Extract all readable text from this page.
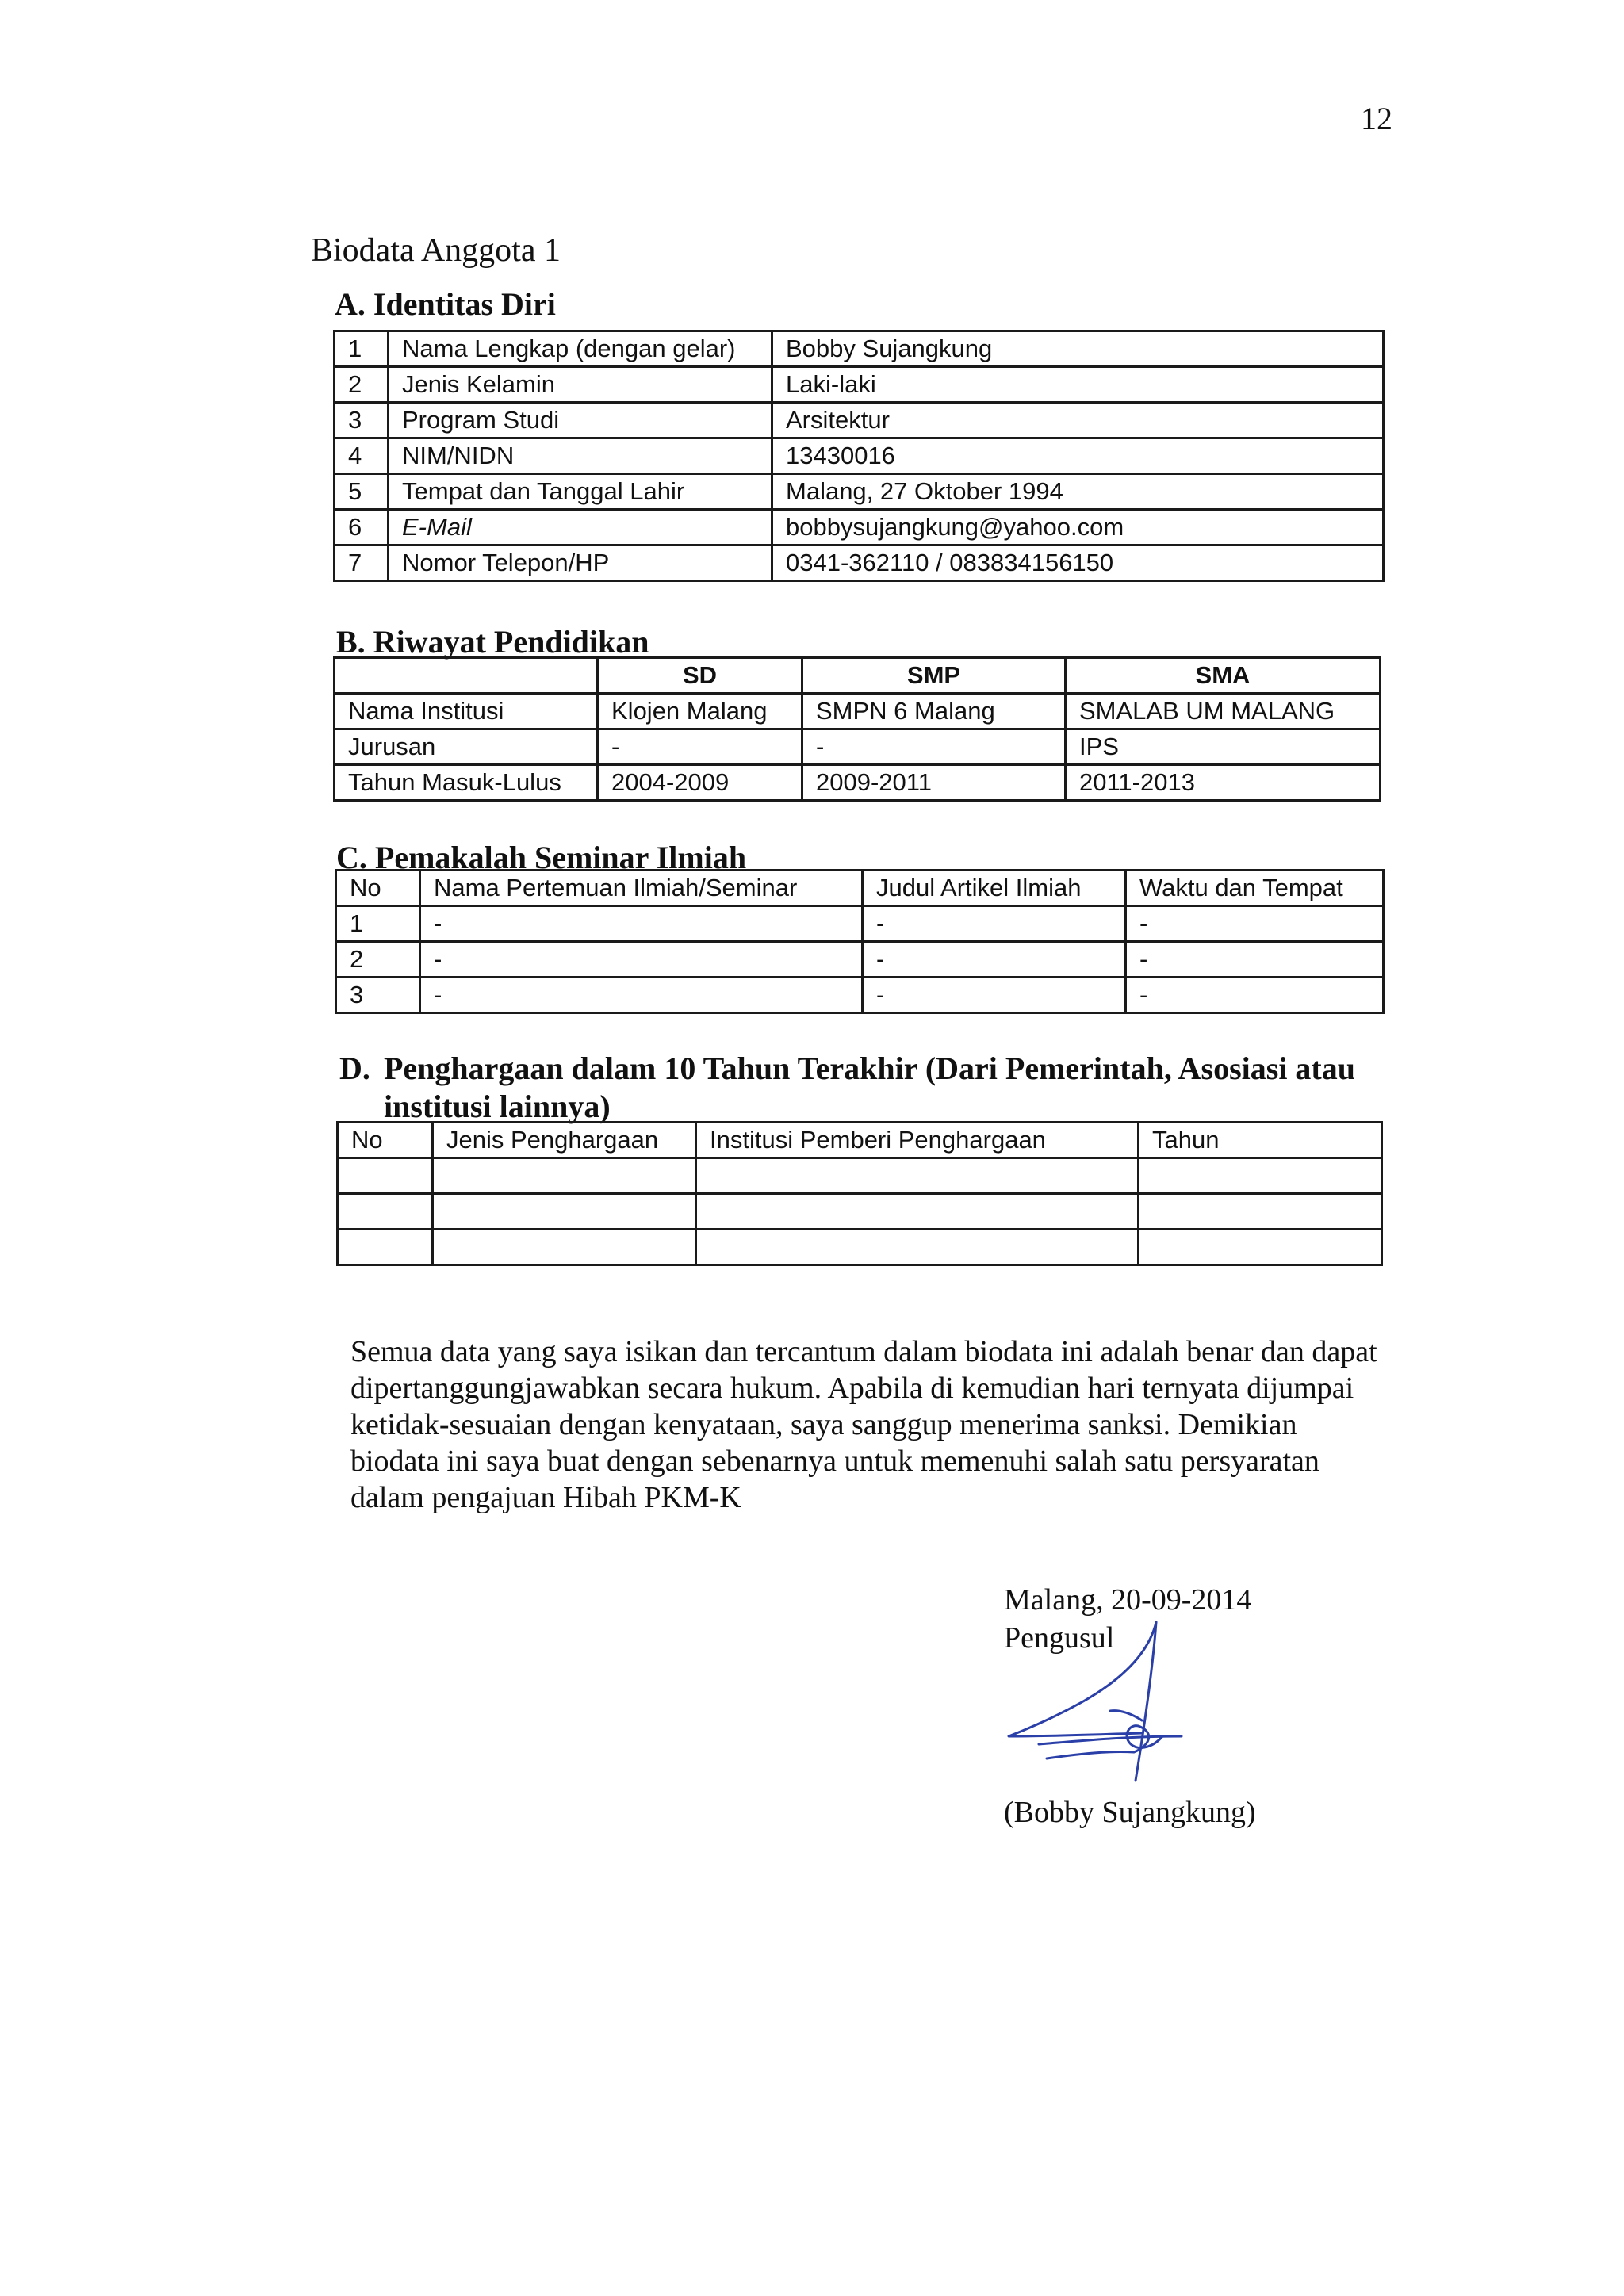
12
Biodata Anggota 1
A. Identitas Diri
1	Nama Lengkap (dengan gelar)	Bobby Sujangkung
2	Jenis Kelamin	Laki-laki
3	Program Studi	Arsitektur
4	NIM/NIDN	13430016
5	Tempat dan Tanggal Lahir	Malang, 27 Oktober 1994
6	E-Mail	bobbysujangkung@yahoo.com
7	Nomor Telepon/HP	0341-362110 / 083834156150
B. Riwayat Pendidikan
	SD	SMP	SMA
Nama Institusi	Klojen Malang	SMPN 6 Malang	SMALAB UM MALANG
Jurusan	-	-	IPS
Tahun Masuk-Lulus	2004-2009	2009-2011	2011-2013
C. Pemakalah Seminar Ilmiah
No	Nama Pertemuan Ilmiah/Seminar	Judul Artikel Ilmiah	Waktu dan Tempat
1	-	-	-
2	-	-	-
3	-	-	-
D. Penghargaan dalam 10 Tahun Terakhir (Dari Pemerintah, Asosiasi atau
institusi lainnya)
No	Jenis Penghargaan	Institusi Pemberi Penghargaan	Tahun

Semua data yang saya isikan dan tercantum dalam biodata ini adalah benar dan dapat dipertanggungjawabkan secara hukum. Apabila di kemudian hari ternyata dijumpai ketidak-sesuaian dengan kenyataan, saya sanggup menerima sanksi. Demikian biodata ini saya buat dengan sebenarnya untuk memenuhi salah satu persyaratan dalam pengajuan Hibah PKM-K
Malang, 20-09-2014
Pengusul
(Bobby Sujangkung)
